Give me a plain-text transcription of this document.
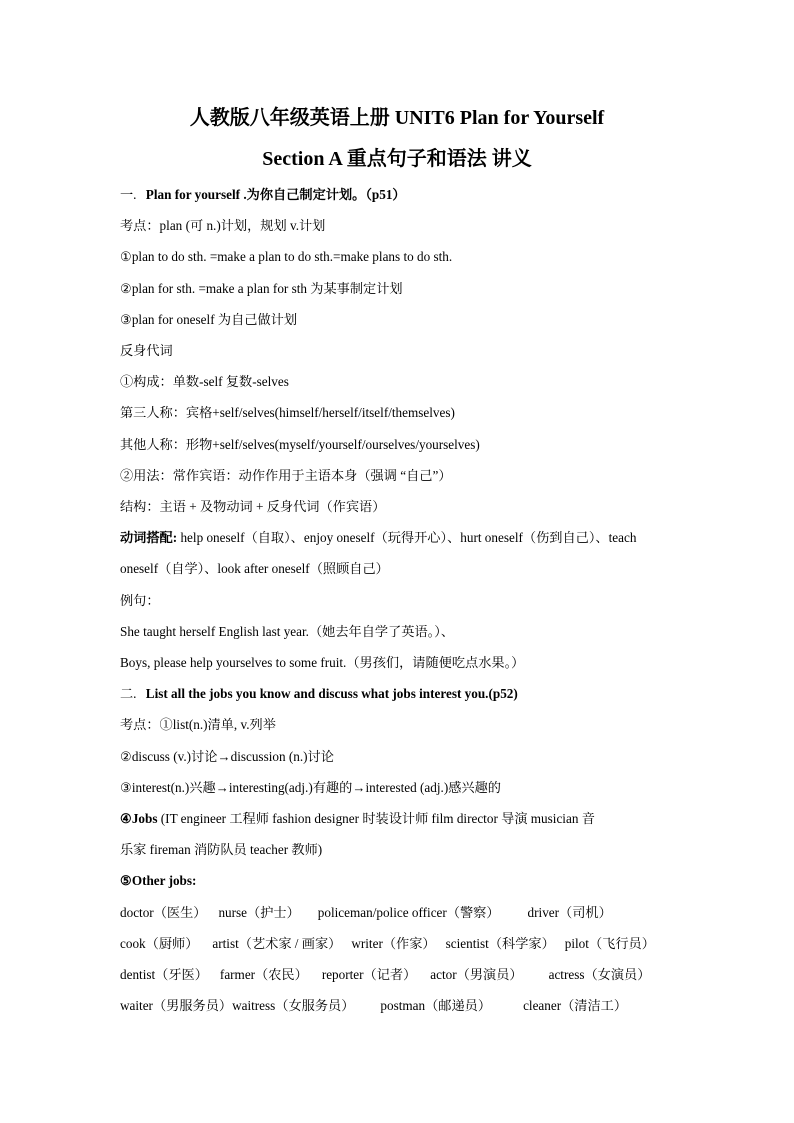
人教版八年级英语上册 UNIT6 Plan for Yourself
Section A 重点句子和语法 讲义
一. Plan for yourself .为你自己制定计划。（p51）
考点：plan (可 n.)计划，规划 v.计划
①plan to do sth. =make a plan to do sth.=make plans to do sth.
②plan for sth. =make a plan for sth 为某事制定计划
③plan for oneself 为自己做计划
反身代词
①构成：单数-self 复数-selves
第三人称：宾格+self/selves(himself/herself/itself/themselves)
其他人称：形物+self/selves(myself/yourself/ourselves/yourselves)
②用法：常作宾语：动作作用于主语本身（强调 “自己”）
结构：主语 + 及物动词 + 反身代词（作宾语）
动词搭配: help oneself（自取）、enjoy oneself（玩得开心）、hurt oneself（伤到自己）、teach
oneself（自学）、look after oneself（照顾自己）
例句：
She taught herself English last year.（她去年自学了英语。）、
Boys, please help yourselves to some fruit.（男孩们，请随便吃点水果。）
二. List all the jobs you know and discuss what jobs interest you.(p52)
考点：①list(n.)清单, v.列举
②discuss (v.)讨论→discussion (n.)讨论
③interest(n.)兴趣→interesting(adj.)有趣的→interested (adj.)感兴趣的
④Jobs (IT engineer 工程师 fashion designer 时装设计师 film director 导演 musician 音
乐家 fireman 消防队员 teacher 教师)
⑤Other jobs:
doctor（医生） nurse（护士） policeman/police officer（警察） driver（司机）
cook（厨师） artist（艺术家 / 画家） writer（作家） scientist（科学家） pilot（飞行员）
dentist（牙医） farmer（农民） reporter（记者） actor（男演员） actress（女演员）
waiter（男服务员）waitress（女服务员） postman（邮递员） cleaner（清洁工）
